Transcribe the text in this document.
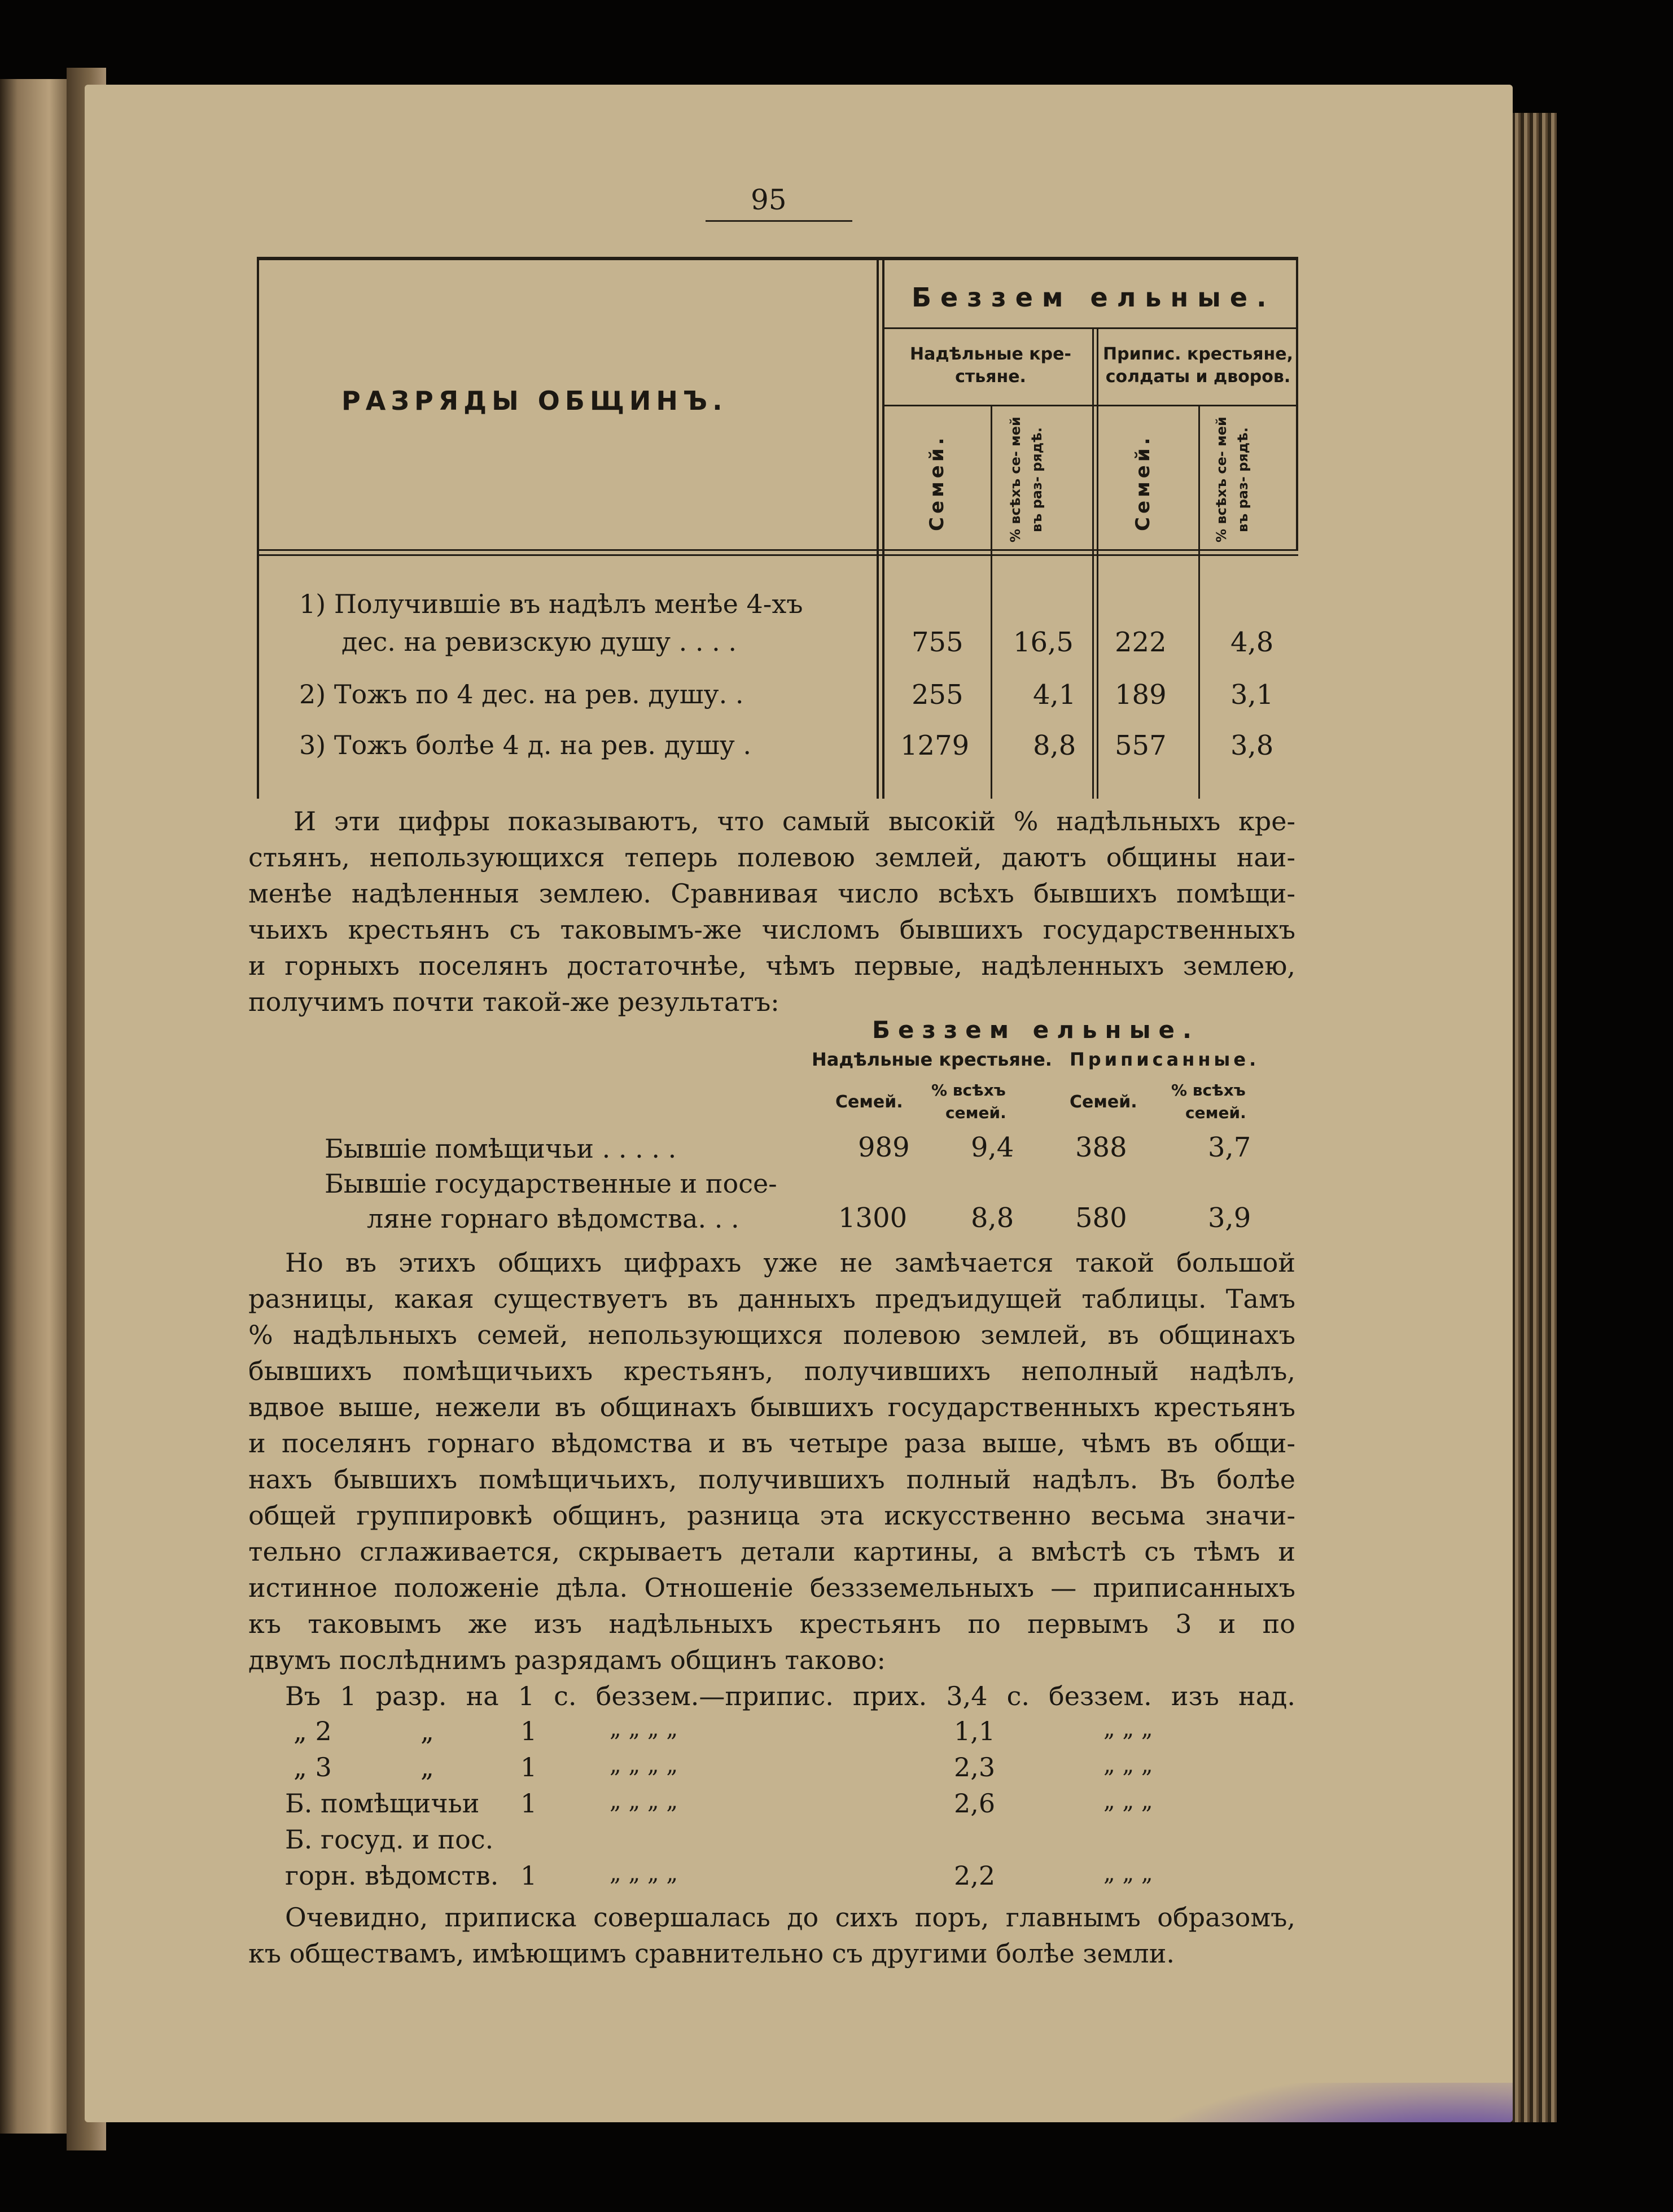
95
РАЗРЯДЫ ОБЩИНЪ.
Беззем ельные.
Надѣльные кре-
стьяне.
Припис. крестьяне,
солдаты и дворов.
Семей.	% всѣхъ се- мей въ раз- рядѣ.	Семей.	% всѣхъ се- мей въ раз- рядѣ.
1) Получившіе въ надѣлъ менѣе 4-хъ
дес. на ревизскую душу . . . .	755 16,5 222 4,8
2) Тожъ по 4 дес. на рев. душу. .	255	4,1 189 3,1
3) Тожъ болѣе 4 д. на рев. душу .	1279 8,8 557 3,8
И эти цифры показываютъ, что самый высокій % надѣльныхъ кре-
стьянъ, непользующихся теперь полевою землей, даютъ общины наи-
менѣе надѣленныя землею. Сравнивая число всѣхъ бывшихъ помѣщи-
чьихъ крестьянъ съ таковымъ-же числомъ бывшихъ государственныхъ
и горныхъ поселянъ достаточнѣе, чѣмъ первые, надѣленныхъ землею,
получимъ почти такой-же результатъ:
Беззем ельные.
Надѣльные крестьяне. Приписанные.
Семей.
% всѣхъ
семей.
Семей.
% всѣхъ
семей.
Бывшіе помѣщичьи . . . . .	989 9,4 388	3,7
Бывшіе государственные и посе-
ляне горнаго вѣдомства. . .	1300 8,8 580	3,9
Но въ этихъ общихъ цифрахъ уже не замѣчается такой большой
разницы, какая существуетъ въ данныхъ предъидущей таблицы. Тамъ
% надѣльныхъ семей, непользующихся полевою землей, въ общинахъ
бывшихъ помѣщичьихъ крестьянъ, получившихъ неполный надѣлъ,
вдвое выше, нежели въ общинахъ бывшихъ государственныхъ крестьянъ
и поселянъ горнаго вѣдомства и въ четыре раза выше, чѣмъ въ общи-
нахъ бывшихъ помѣщичьихъ, получившихъ полный надѣлъ. Въ болѣе
общей группировкѣ общинъ, разница эта искусственно весьма значи-
тельно сглаживается, скрываетъ детали картины, а вмѣстѣ съ тѣмъ и
истинное положеніе дѣла. Отношеніе беззземельныхъ — приписанныхъ
къ таковымъ же изъ надѣльныхъ крестьянъ по первымъ 3 и по
двумъ послѣднимъ разрядамъ общинъ таково:
Въ 1 разр. на 1 с. беззем.—припис. прих. 3,4 с. беззем. изъ над.
„ 2	„	1	„ „ „ „	1,1	„ „ „
„ 3	„	1	„ „ „ „	2,3	„ „ „
Б. помѣщичьи 1	„ „ „ „	2,6	„ „ „
Б. госуд. и пос.
горн. вѣдомств. 1	„ „ „ „	2,2	„ „ „
Очевидно, приписка совершалась до сихъ поръ, главнымъ образомъ,
къ обществамъ, имѣющимъ сравнительно съ другими болѣе земли.
